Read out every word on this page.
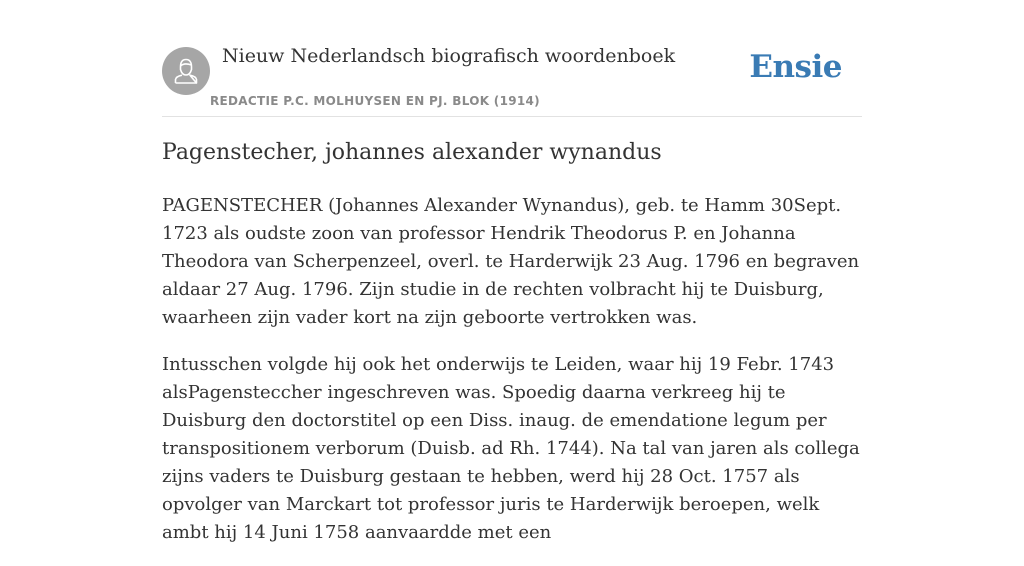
Nieuw Nederlandsch biografisch woordenboek
REDACTIE P.C. MOLHUYSEN EN PJ. BLOK (1914)
Ensie
Pagenstecher, johannes alexander wynandus

PAGENSTECHER (Johannes Alexander Wynandus), geb. te Hamm 30Sept. 1723 als oudste zoon van professor Hendrik Theodorus P. en Johanna Theodora van Scherpenzeel, overl. te Harderwijk 23 Aug. 1796 en begraven aldaar 27 Aug. 1796. Zijn studie in de rechten volbracht hij te Duisburg, waarheen zijn vader kort na zijn geboorte vertrokken was.

Intusschen volgde hij ook het onderwijs te Leiden, waar hij 19 Febr. 1743 alsPagensteccher ingeschreven was. Spoedig daarna verkreeg hij te Duisburg den doctorstitel op een Diss. inaug. de emendatione legum per transpositionem verborum (Duisb. ad Rh. 1744). Na tal van jaren als collega zijns vaders te Duisburg gestaan te hebben, werd hij 28 Oct. 1757 als opvolger van Marckart tot professor juris te Harderwijk beroepen, welk ambt hij 14 Juni 1758 aanvaardde met een
